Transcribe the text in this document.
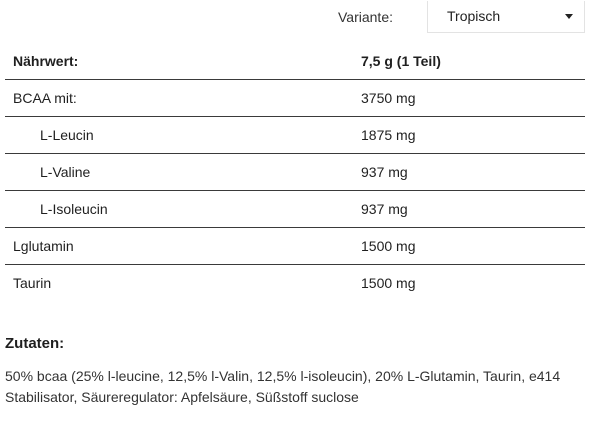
Variante:	Tropisch
Nährwert:	7,5 g (1 Teil)
BCAA mit:	3750 mg
L-Leucin	1875 mg
L-Valine	937 mg
L-Isoleucin	937 mg
Lglutamin	1500 mg
Taurin	1500 mg
Zutaten:

50% bcaa (25% l-leucine, 12,5% l-Valin, 12,5% l-isoleucin), 20% L-Glutamin, Taurin, e414 Stabilisator, Säureregulator: Apfelsäure, Süßstoff suclose
